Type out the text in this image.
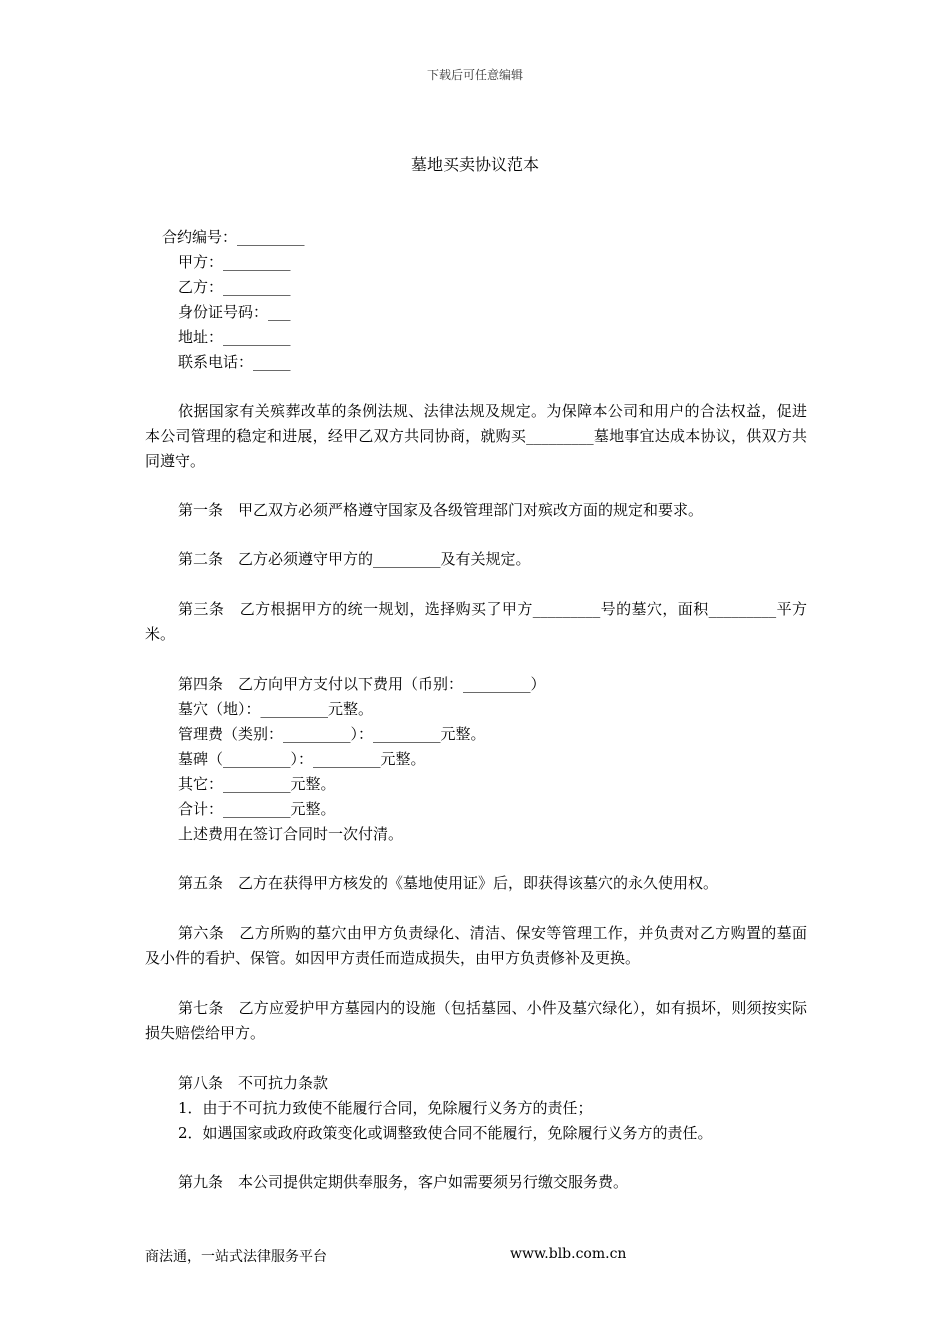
下载后可任意编辑
墓地买卖协议范本
合约编号：_________
甲方：_________
乙方：_________
身份证号码：___
地址：_________
联系电话：_____
依据国家有关殡葬改革的条例法规、法律法规及规定。为保障本公司和用户的合法权益，促进本公司管理的稳定和进展，经甲乙双方共同协商，就购买_________墓地事宜达成本协议，供双方共同遵守。
第一条　甲乙双方必须严格遵守国家及各级管理部门对殡改方面的规定和要求。
第二条　乙方必须遵守甲方的_________及有关规定。
第三条　乙方根据甲方的统一规划，选择购买了甲方_________号的墓穴，面积_________平方米。
第四条　乙方向甲方支付以下费用（币别：_________）
墓穴（地）：_________元整。
管理费（类别：_________）：_________元整。
墓碑（_________）：_________元整。
其它：_________元整。
合计：_________元整。
上述费用在签订合同时一次付清。
第五条　乙方在获得甲方核发的《墓地使用证》后，即获得该墓穴的永久使用权。
第六条　乙方所购的墓穴由甲方负责绿化、清洁、保安等管理工作，并负责对乙方购置的墓面及小件的看护、保管。如因甲方责任而造成损失，由甲方负责修补及更换。
第七条　乙方应爱护甲方墓园内的设施（包括墓园、小件及墓穴绿化），如有损坏，则须按实际损失赔偿给甲方。
第八条　不可抗力条款
1．由于不可抗力致使不能履行合同，免除履行义务方的责任；
2．如遇国家或政府政策变化或调整致使合同不能履行，免除履行义务方的责任。
第九条　本公司提供定期供奉服务，客户如需要须另行缴交服务费。
商法通，一站式法律服务平台	www.blb.com.cn
